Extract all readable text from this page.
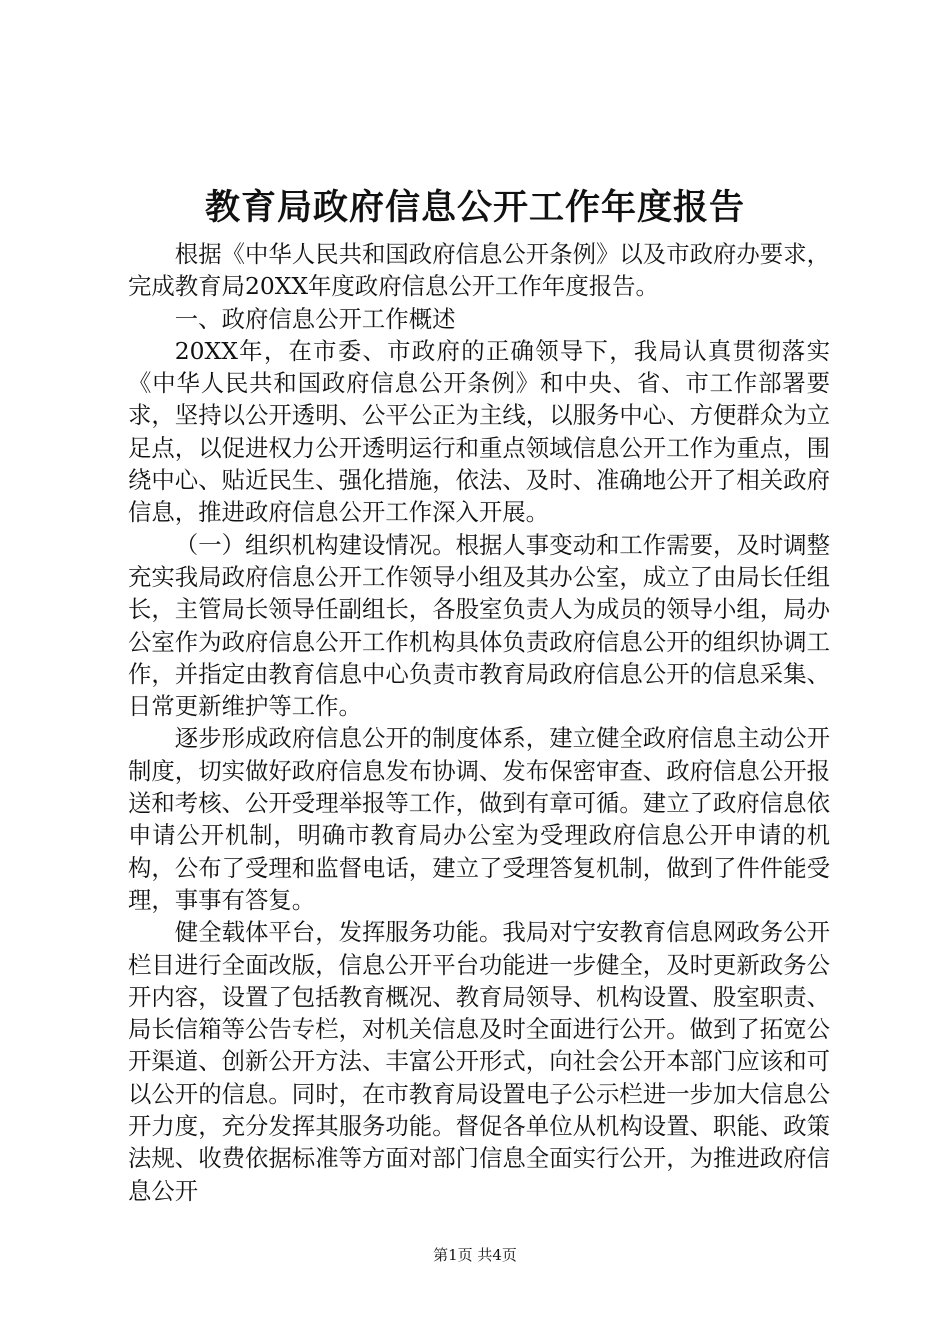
教育局政府信息公开工作年度报告

根据《中华人民共和国政府信息公开条例》以及市政府办要求，完成教育局20XX年度政府信息公开工作年度报告。

一、政府信息公开工作概述

20XX年，在市委、市政府的正确领导下，我局认真贯彻落实《中华人民共和国政府信息公开条例》和中央、省、市工作部署要求，坚持以公开透明、公平公正为主线，以服务中心、方便群众为立足点，以促进权力公开透明运行和重点领域信息公开工作为重点，围绕中心、贴近民生、强化措施，依法、及时、准确地公开了相关政府信息，推进政府信息公开工作深入开展。

（一）组织机构建设情况。根据人事变动和工作需要，及时调整充实我局政府信息公开工作领导小组及其办公室，成立了由局长任组长，主管局长领导任副组长，各股室负责人为成员的领导小组，局办公室作为政府信息公开工作机构具体负责政府信息公开的组织协调工作，并指定由教育信息中心负责市教育局政府信息公开的信息采集、日常更新维护等工作。

逐步形成政府信息公开的制度体系，建立健全政府信息主动公开制度，切实做好政府信息发布协调、发布保密审查、政府信息公开报送和考核、公开受理举报等工作，做到有章可循。建立了政府信息依申请公开机制，明确市教育局办公室为受理政府信息公开申请的机构，公布了受理和监督电话，建立了受理答复机制，做到了件件能受理，事事有答复。

健全载体平台，发挥服务功能。我局对宁安教育信息网政务公开栏目进行全面改版，信息公开平台功能进一步健全，及时更新政务公开内容，设置了包括教育概况、教育局领导、机构设置、股室职责、局长信箱等公告专栏，对机关信息及时全面进行公开。做到了拓宽公开渠道、创新公开方法、丰富公开形式，向社会公开本部门应该和可以公开的信息。同时，在市教育局设置电子公示栏进一步加大信息公开力度，充分发挥其服务功能。督促各单位从机构设置、职能、政策法规、收费依据标准等方面对部门信息全面实行公开，为推进政府信息公开

第1页 共4页
